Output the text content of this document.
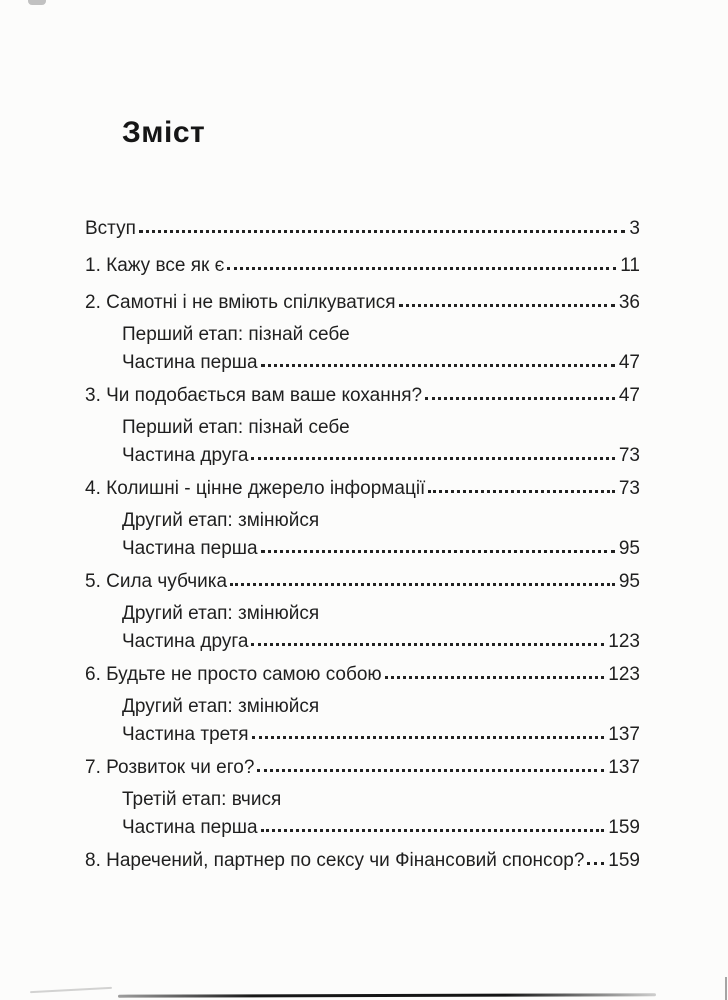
Зміст
Вступ	3
1. Кажу все як є	11
2. Самотні і не вміють спілкуватися	36
Перший етап: пізнай себе
Частина перша	47
3. Чи подобається вам ваше кохання?	47
Перший етап: пізнай себе
Частина друга	73
4. Колишні - цінне джерело інформації	73
Другий етап: змінюйся
Частина перша	95
5. Сила чубчика	95
Другий етап: змінюйся
Частина друга	123
6. Будьте не просто самою собою	123
Другий етап: змінюйся
Частина третя	137
7. Розвиток чи его?	137
Третій етап: вчися
Частина перша	159
8. Наречений, партнер по сексу чи Фінансовий спонсор? 159
